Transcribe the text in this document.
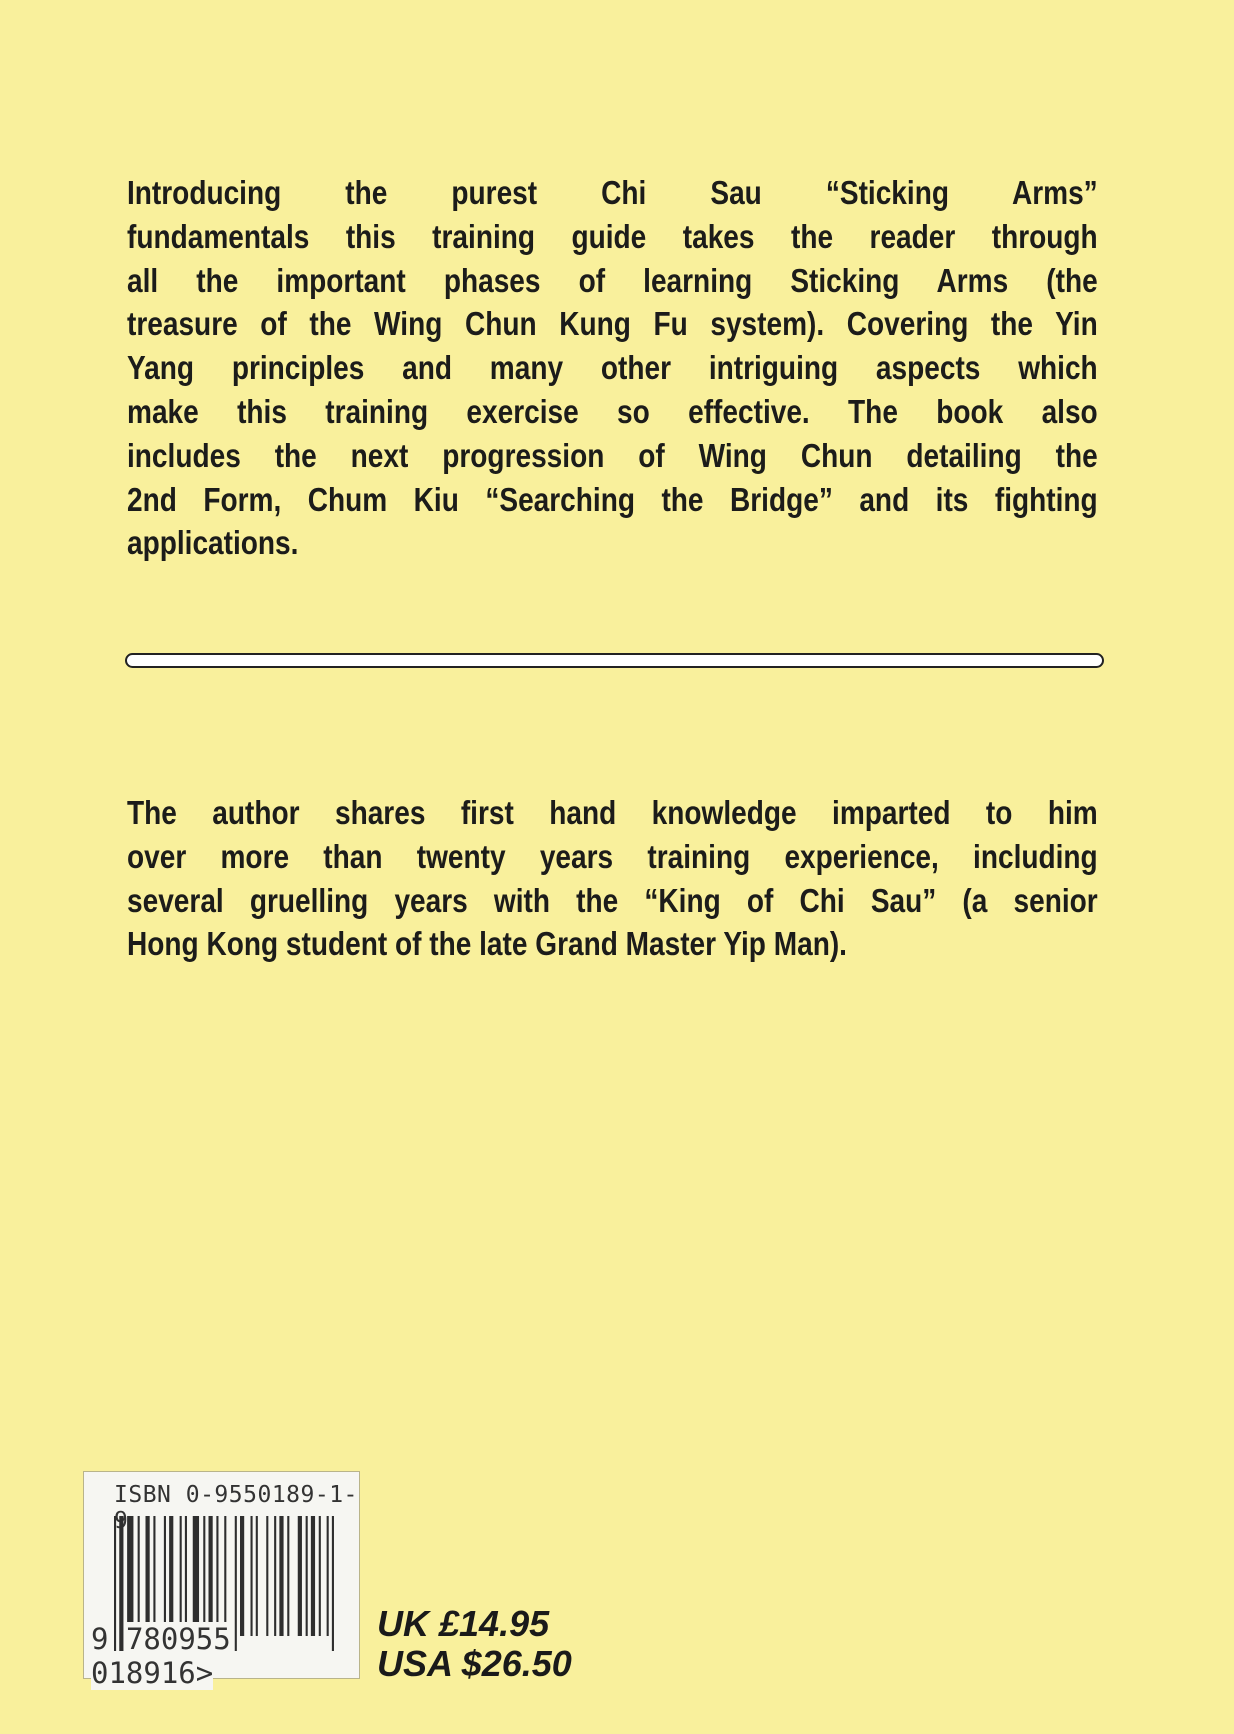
Introducing the purest Chi Sau “Sticking Arms”
fundamentals this training guide takes the reader through
all the important phases of learning Sticking Arms (the
treasure of the Wing Chun Kung Fu system). Covering the Yin
Yang principles and many other intriguing aspects which
make this training exercise so effective. The book also
includes the next progression of Wing Chun detailing the
2nd Form, Chum Kiu “Searching the Bridge” and its fighting
applications.
The author shares first hand knowledge imparted to him
over more than twenty years training experience, including
several gruelling years with the “King of Chi Sau” (a senior
Hong Kong student of the late Grand Master Yip Man).
ISBN 0-9550189-1-
9 780955018916>
UK £14.95
USA $26.50
